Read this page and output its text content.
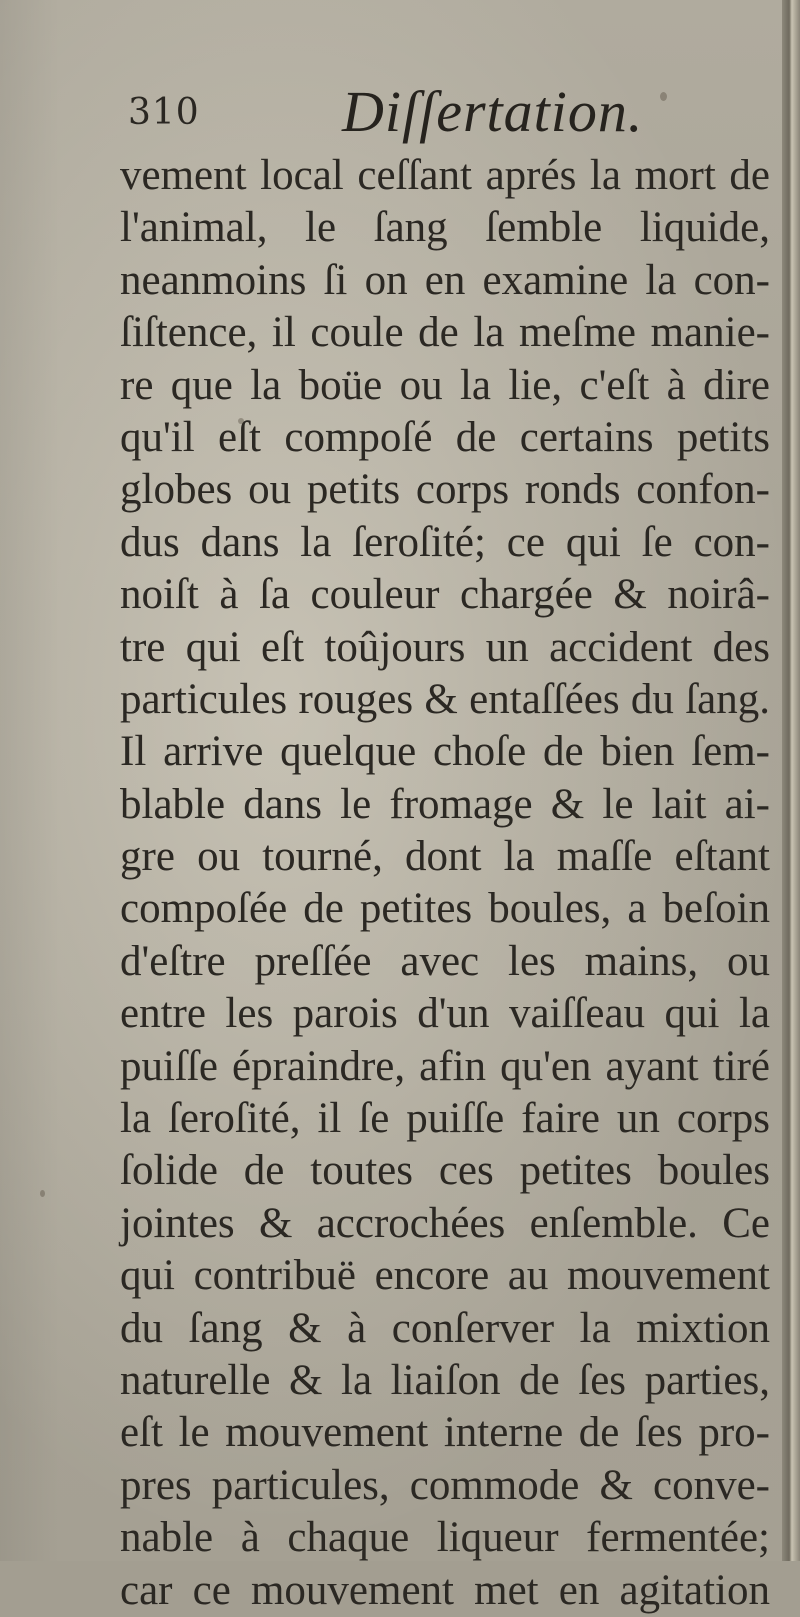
310 Diſſertation.
vement local ceſſant aprés la mort de
l'animal, le ſang ſemble liquide,
neanmoins ſi on en examine la con-
ſiſtence, il coule de la meſme manie-
re que la boüe ou la lie, c'eſt à dire
qu'il eſt compoſé de certains petits
globes ou petits corps ronds confon-
dus dans la ſeroſité; ce qui ſe con-
noiſt à ſa couleur chargée & noirâ-
tre qui eſt toûjours un accident des
particules rouges & entaſſées du ſang.
Il arrive quelque choſe de bien ſem-
blable dans le fromage & le lait ai-
gre ou tourné, dont la maſſe eſtant
compoſée de petites boules, a beſoin
d'eſtre preſſée avec les mains, ou
entre les parois d'un vaiſſeau qui la
puiſſe épraindre, afin qu'en ayant tiré
la ſeroſité, il ſe puiſſe faire un corps
ſolide de toutes ces petites boules
jointes & accrochées enſemble. Ce
qui contribuë encore au mouvement
du ſang & à conſerver la mixtion
naturelle & la liaiſon de ſes parties,
eſt le mouvement interne de ſes pro-
pres particules, commode & conve-
nable à chaque liqueur fermentée;
car ce mouvement met en agitation
